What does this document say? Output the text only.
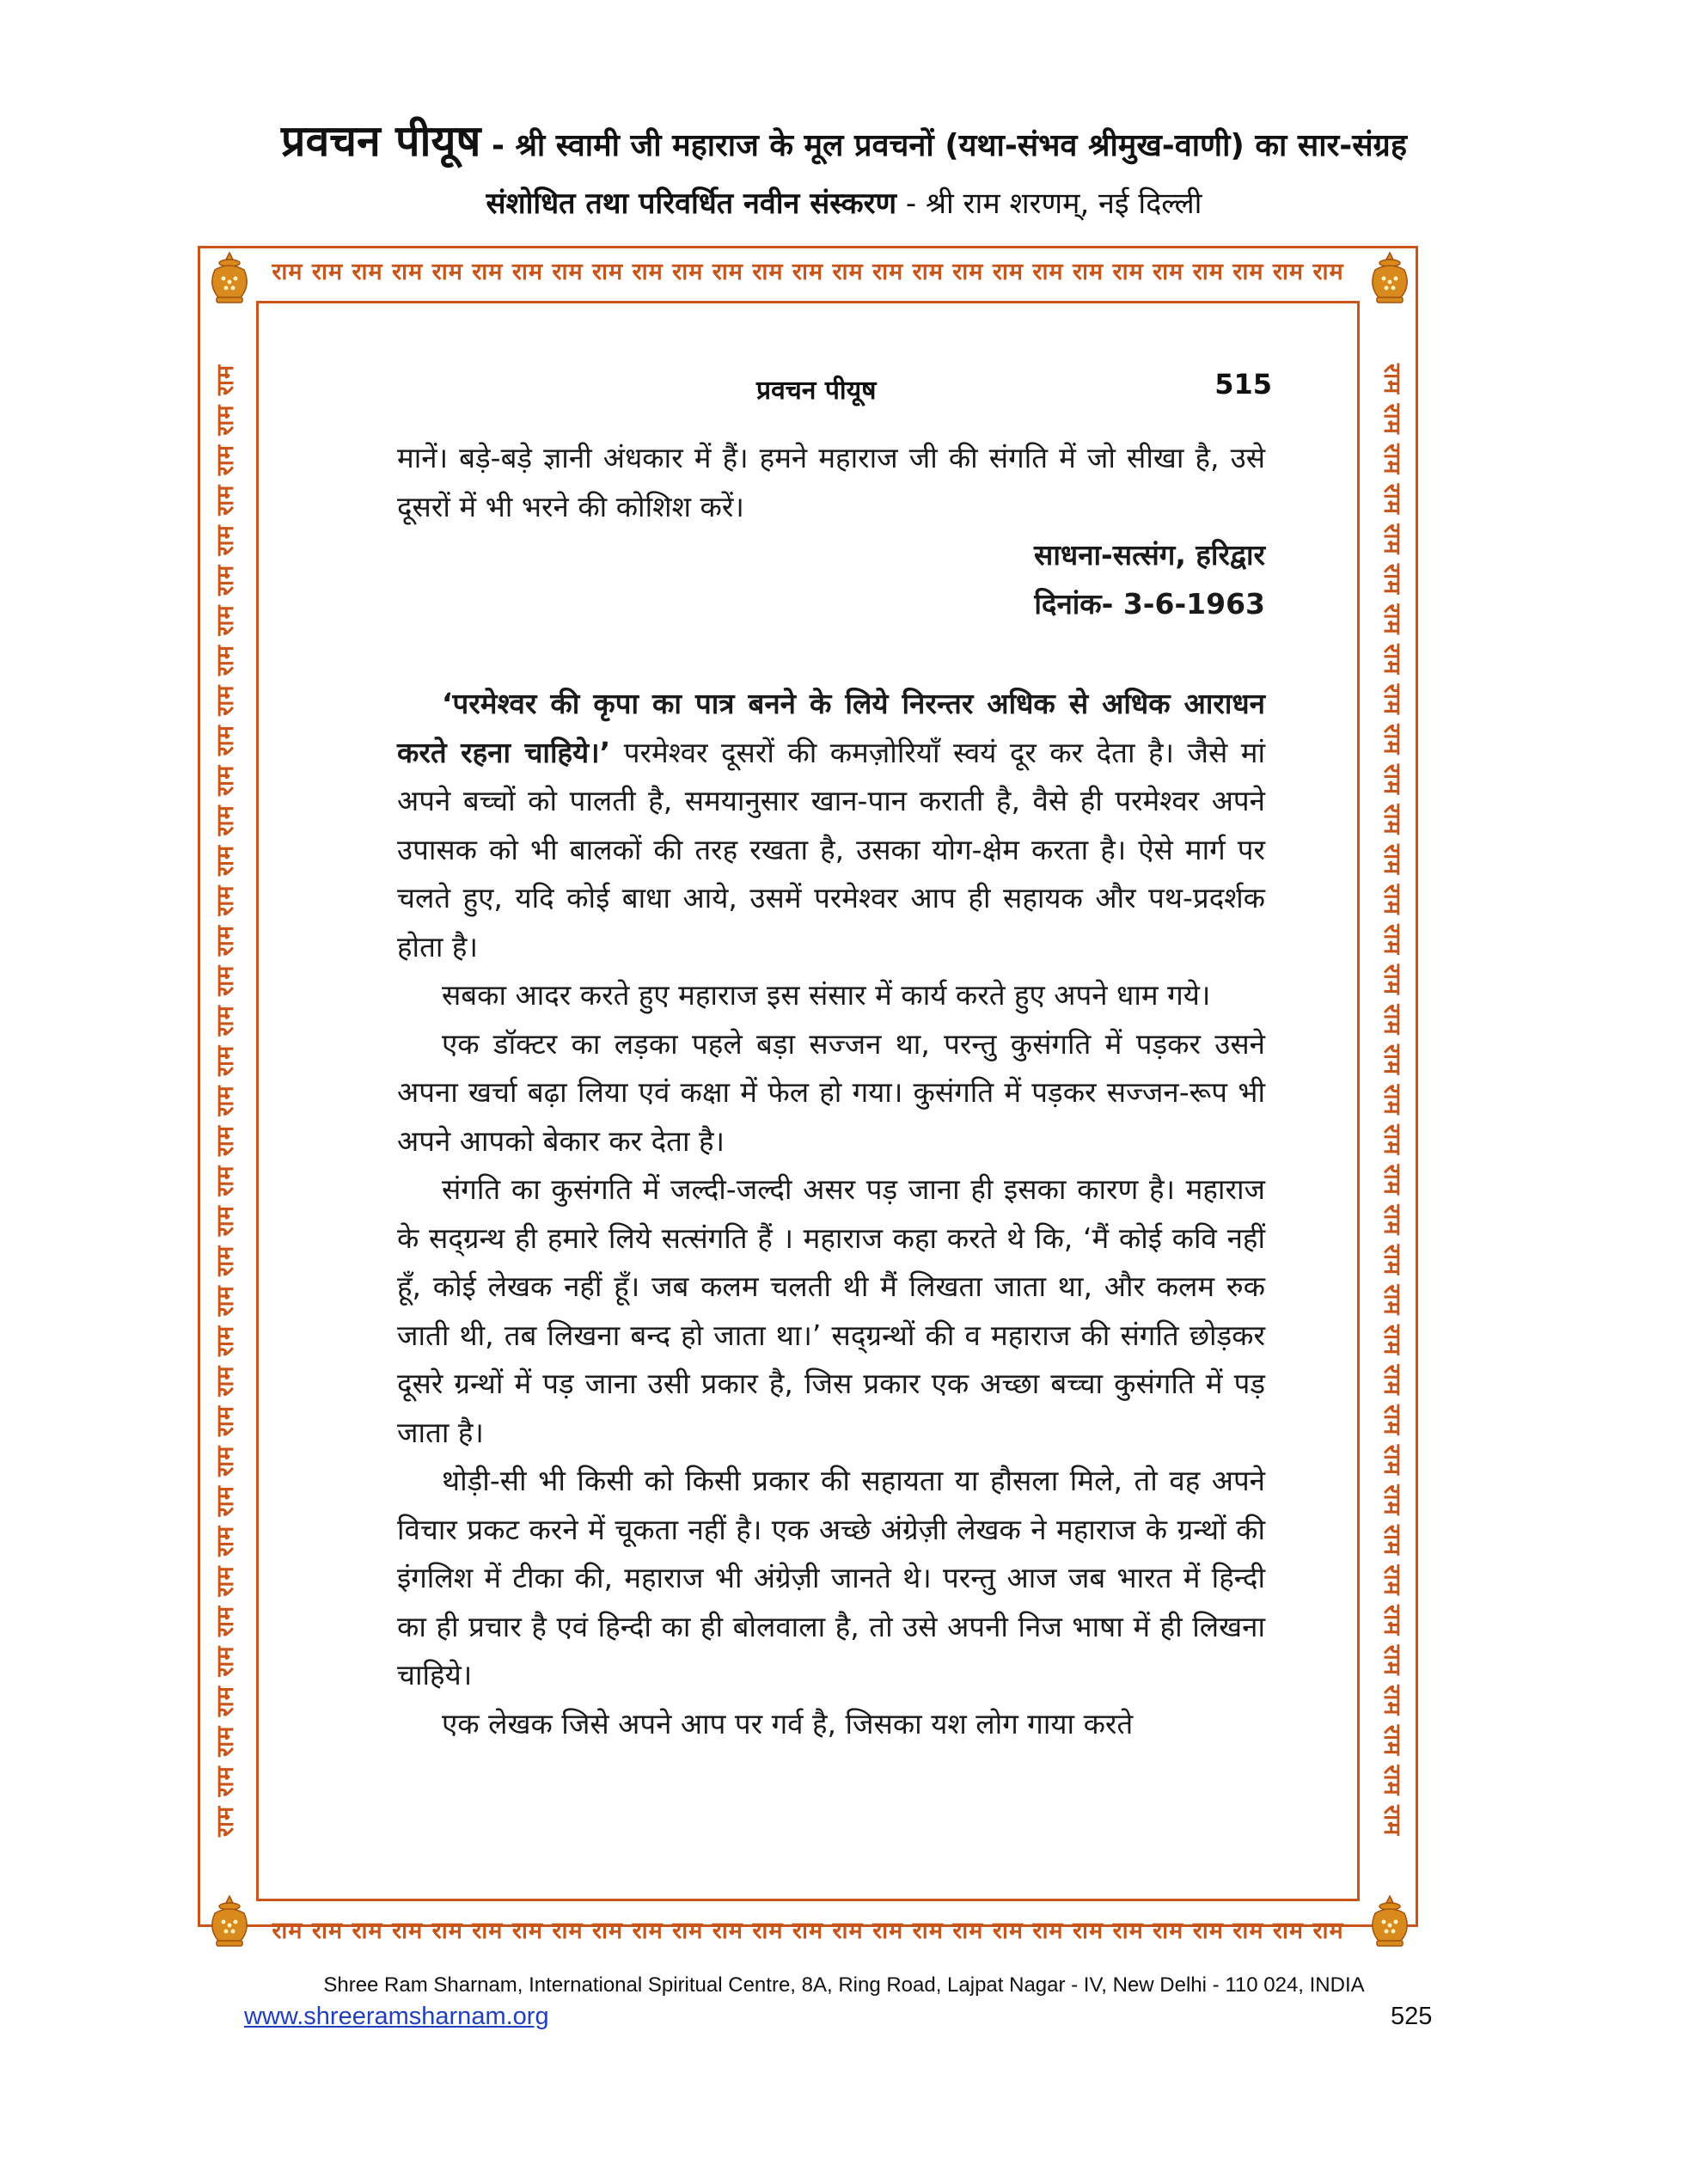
प्रवचन पीयूष - श्री स्वामी जी महाराज के मूल प्रवचनों (यथा-संभव श्रीमुख-वाणी) का सार-संग्रह
संशोधित तथा परिवर्धित नवीन संस्करण - श्री राम शरणम्, नई दिल्ली
राम राम राम राम राम राम राम राम राम राम राम राम राम राम राम राम राम राम राम राम राम राम राम राम राम राम राम
राम राम राम राम राम राम राम राम राम राम राम राम राम राम राम राम राम राम राम राम राम राम राम राम राम राम राम
राम राम राम राम राम राम राम राम राम राम राम राम राम राम राम राम राम राम राम राम राम राम राम राम राम राम राम राम राम राम राम राम राम राम राम राम राम	राम राम राम राम राम राम राम राम राम राम राम राम राम राम राम राम राम राम राम राम राम राम राम राम राम राम राम राम राम राम राम राम राम राम राम राम राम
प्रवचन पीयूष	515

मानें। बड़े-बड़े ज्ञानी अंधकार में हैं। हमने महाराज जी की संगति में जो सीखा है, उसे दूसरों में भी भरने की कोशिश करें।

साधना-सत्संग, हरिद्वार

दिनांक- 3-6-1963

‘परमेश्वर की कृपा का पात्र बनने के लिये निरन्तर अधिक से अधिक आराधन करते रहना चाहिये।’ परमेश्वर दूसरों की कमज़ोरियाँ स्वयं दूर कर देता है। जैसे मां अपने बच्चों को पालती है, समयानुसार खान-पान कराती है, वैसे ही परमेश्वर अपने उपासक को भी बालकों की तरह रखता है, उसका योग-क्षेम करता है। ऐसे मार्ग पर चलते हुए, यदि कोई बाधा आये, उसमें परमेश्वर आप ही सहायक और पथ-प्रदर्शक होता है।

सबका आदर करते हुए महाराज इस संसार में कार्य करते हुए अपने धाम गये।

एक डॉक्टर का लड़का पहले बड़ा सज्जन था, परन्तु कुसंगति में पड़कर उसने अपना खर्चा बढ़ा लिया एवं कक्षा में फेल हो गया। कुसंगति में पड़कर सज्जन-रूप भी अपने आपको बेकार कर देता है।

संगति का कुसंगति में जल्दी-जल्दी असर पड़ जाना ही इसका कारण है। महाराज के सद्ग्रन्थ ही हमारे लिये सत्संगति हैं । महाराज कहा करते थे कि, ‘मैं कोई कवि नहीं हूँ, कोई लेखक नहीं हूँ। जब कलम चलती थी मैं लिखता जाता था, और कलम रुक जाती थी, तब लिखना बन्द हो जाता था।’ सद्ग्रन्थों की व महाराज की संगति छोड़कर दूसरे ग्रन्थों में पड़ जाना उसी प्रकार है, जिस प्रकार एक अच्छा बच्चा कुसंगति में पड़ जाता है।

थोड़ी-सी भी किसी को किसी प्रकार की सहायता या हौसला मिले, तो वह अपने विचार प्रकट करने में चूकता नहीं है। एक अच्छे अंग्रेज़ी लेखक ने महाराज के ग्रन्थों की इंगलिश में टीका की, महाराज भी अंग्रेज़ी जानते थे। परन्तु आज जब भारत में हिन्दी का ही प्रचार है एवं हिन्दी का ही बोलवाला है, तो उसे अपनी निज भाषा में ही लिखना चाहिये।

एक लेखक जिसे अपने आप पर गर्व है, जिसका यश लोग गाया करते

Shree Ram Sharnam, International Spiritual Centre, 8A, Ring Road, Lajpat Nagar - IV, New Delhi - 110 024, INDIA
www.shreeramsharnam.org	525
